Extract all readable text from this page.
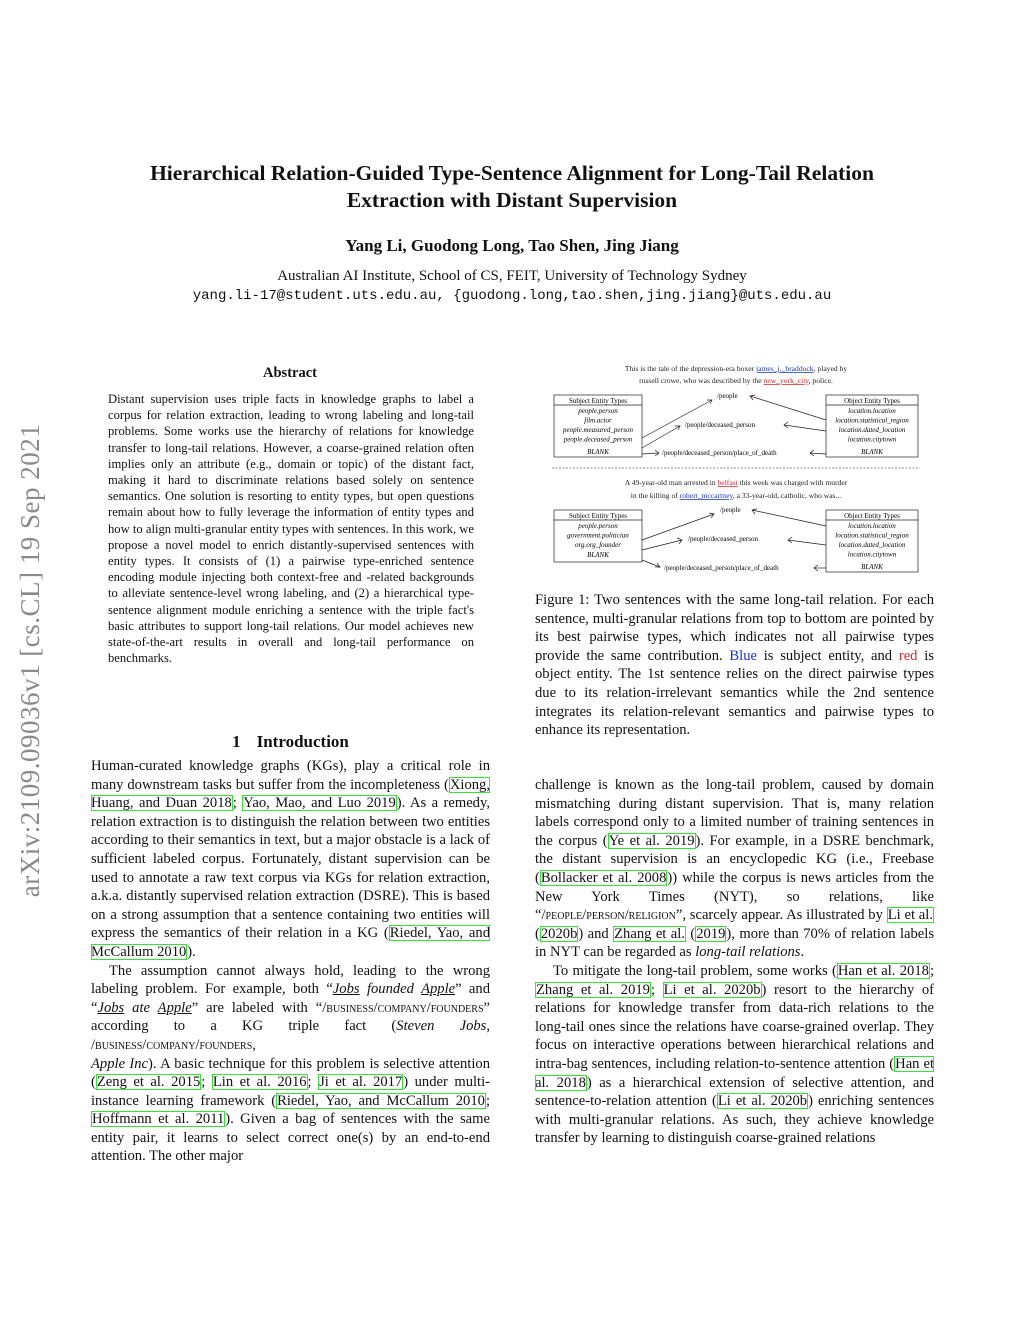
arXiv:2109.09036v1 [cs.CL] 19 Sep 2021
Hierarchical Relation-Guided Type-Sentence Alignment for Long-Tail Relation
Extraction with Distant Supervision
Yang Li, Guodong Long, Tao Shen, Jing Jiang
Australian AI Institute, School of CS, FEIT, University of Technology Sydney
yang.li-17@student.uts.edu.au, {guodong.long,tao.shen,jing.jiang}@uts.edu.au
Abstract
Distant supervision uses triple facts in knowledge graphs to label a corpus for relation extraction, leading to wrong labeling and long-tail problems. Some works use the hierarchy of relations for knowledge transfer to long-tail relations. However, a coarse-grained relation often implies only an attribute (e.g., domain or topic) of the distant fact, making it hard to discriminate relations based solely on sentence semantics. One solution is resorting to entity types, but open questions remain about how to fully leverage the information of entity types and how to align multi-granular entity types with sentences. In this work, we propose a novel model to enrich distantly-supervised sentences with entity types. It consists of (1) a pairwise type-enriched sentence encoding module injecting both context-free and -related backgrounds to alleviate sentence-level wrong labeling, and (2) a hierarchical type-sentence alignment module enriching a sentence with the triple fact's basic attributes to support long-tail relations. Our model achieves new state-of-the-art results in overall and long-tail performance on benchmarks.
1 Introduction

Human-curated knowledge graphs (KGs), play a critical role in many downstream tasks but suffer from the incompleteness (Xiong, Huang, and Duan 2018; Yao, Mao, and Luo 2019). As a remedy, relation extraction is to distinguish the relation between two entities according to their semantics in text, but a major obstacle is a lack of sufficient labeled corpus. Fortunately, distant supervision can be used to annotate a raw text corpus via KGs for relation extraction, a.k.a. distantly supervised relation extraction (DSRE). This is based on a strong assumption that a sentence containing two entities will express the semantics of their relation in a KG (Riedel, Yao, and McCallum 2010).

The assumption cannot always hold, leading to the wrong labeling problem. For example, both “Jobs founded Apple” and “Jobs ate Apple” are labeled with “/business/company/founders” according to a KG triple fact (Steven Jobs, /business/company/founders,
Apple Inc). A basic technique for this problem is selective attention (Zeng et al. 2015; Lin et al. 2016; Ji et al. 2017) under multi-instance learning framework (Riedel, Yao, and McCallum 2010; Hoffmann et al. 2011). Given a bag of sentences with the same entity pair, it learns to select correct one(s) by an end-to-end attention. The other major

This is the tale of the depression-era boxer james_j._braddock, played by
russell crowe, who was described by the new_york_city, police.
/people
/people/deceased_person
/people/deceased_person/place_of_death
Subject Entity Types
people.person
film.actor
people.measured_person
people.deceased_person
BLANK
Object Entity Types
location.location
location.statistical_region
location.dated_location
location.citytown
BLANK
A 49-year-old man arrested in belfast this week was charged with murder
in the killing of robert_mccartney, a 33-year-old, catholic, who was...
/people
/people/deceased_person
/people/deceased_person/place_of_death
Subject Entity Types
people.person
government.politician
org.org_founder
BLANK
Object Entity Types
location.location
location.statistical_region
location.dated_location
location.citytown
BLANK
Figure 1: Two sentences with the same long-tail relation. For each sentence, multi-granular relations from top to bottom are pointed by its best pairwise types, which indicates not all pairwise types provide the same contribution. Blue is subject entity, and red is object entity. The 1st sentence relies on the direct pairwise types due to its relation-irrelevant semantics while the 2nd sentence integrates its relation-relevant semantics and pairwise types to enhance its representation.

challenge is known as the long-tail problem, caused by domain mismatching during distant supervision. That is, many relation labels correspond only to a limited number of training sentences in the corpus (Ye et al. 2019). For example, in a DSRE benchmark, the distant supervision is an encyclopedic KG (i.e., Freebase (Bollacker et al. 2008)) while the corpus is news articles from the New York Times (NYT), so relations, like “/people/person/religion”, scarcely appear. As illustrated by Li et al. (2020b) and Zhang et al. (2019), more than 70% of relation labels in NYT can be regarded as long-tail relations.

To mitigate the long-tail problem, some works (Han et al. 2018; Zhang et al. 2019; Li et al. 2020b) resort to the hierarchy of relations for knowledge transfer from data-rich relations to the long-tail ones since the relations have coarse-grained overlap. They focus on interactive operations between hierarchical relations and intra-bag sentences, including relation-to-sentence attention (Han et al. 2018) as a hierarchical extension of selective attention, and sentence-to-relation attention (Li et al. 2020b) enriching sentences with multi-granular relations. As such, they achieve knowledge transfer by learning to distinguish coarse-grained relations
